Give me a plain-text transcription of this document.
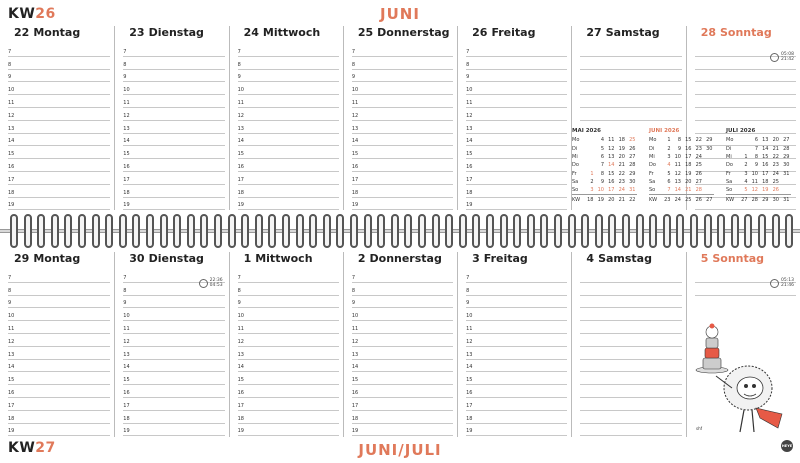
KW26	JUNI
22 Montag
7
8
9
10
11
12
13
14
15
16
17
18
19
23 Dienstag
7
8
9
10
11
12
13
14
15
16
17
18
19
24 Mittwoch
7
8
9
10
11
12
13
14
15
16
17
18
19
25 Donnerstag
7
8
9
10
11
12
13
14
15
16
17
18
19
26 Freitag
7
8
9
10
11
12
13
14
15
16
17
18
19
27 Samstag	28 Sonntag
05:08
21:42
29 Montag
7
8
9
10
11
12
13
14
15
16
17
18
19
30 Dienstag
7
8
9
10
11
12
13
14
15
16
17
18
19
22:36
04:53
1 Mittwoch
7
8
9
10
11
12
13
14
15
16
17
18
19
2 Donnerstag
7
8
9
10
11
12
13
14
15
16
17
18
19
3 Freitag
7
8
9
10
11
12
13
14
15
16
17
18
19
4 Samstag	5 Sonntag
05:13
21:46
MAI 2026
Mo		4	11	18	25
Di		5	12	19	26
Mi		6	13	20	27
Do		7	14	21	28
Fr	1	8	15	22	29
Sa	2	9	16	23	30
So	3	10	17	24	31
KW	18	19	20	21	22
JUNI 2026
Mo	1	8	15	22	29
Di	2	9	16	23	30
Mi	3	10	17	24	
Do	4	11	18	25	
Fr	5	12	19	26	
Sa	6	13	20	27	
So	7	14	21	28	
KW	23	24	25	26	27
JULI 2026
Mo		6	13	20	27
Di		7	14	21	28
Mi	1	8	15	22	29
Do	2	9	16	23	30
Fr	3	10	17	24	31
Sa	4	11	18	25	
So	5	12	19	26	
KW	27	28	29	30	31
shf
HEYE
KW27	JUNI/JULI
